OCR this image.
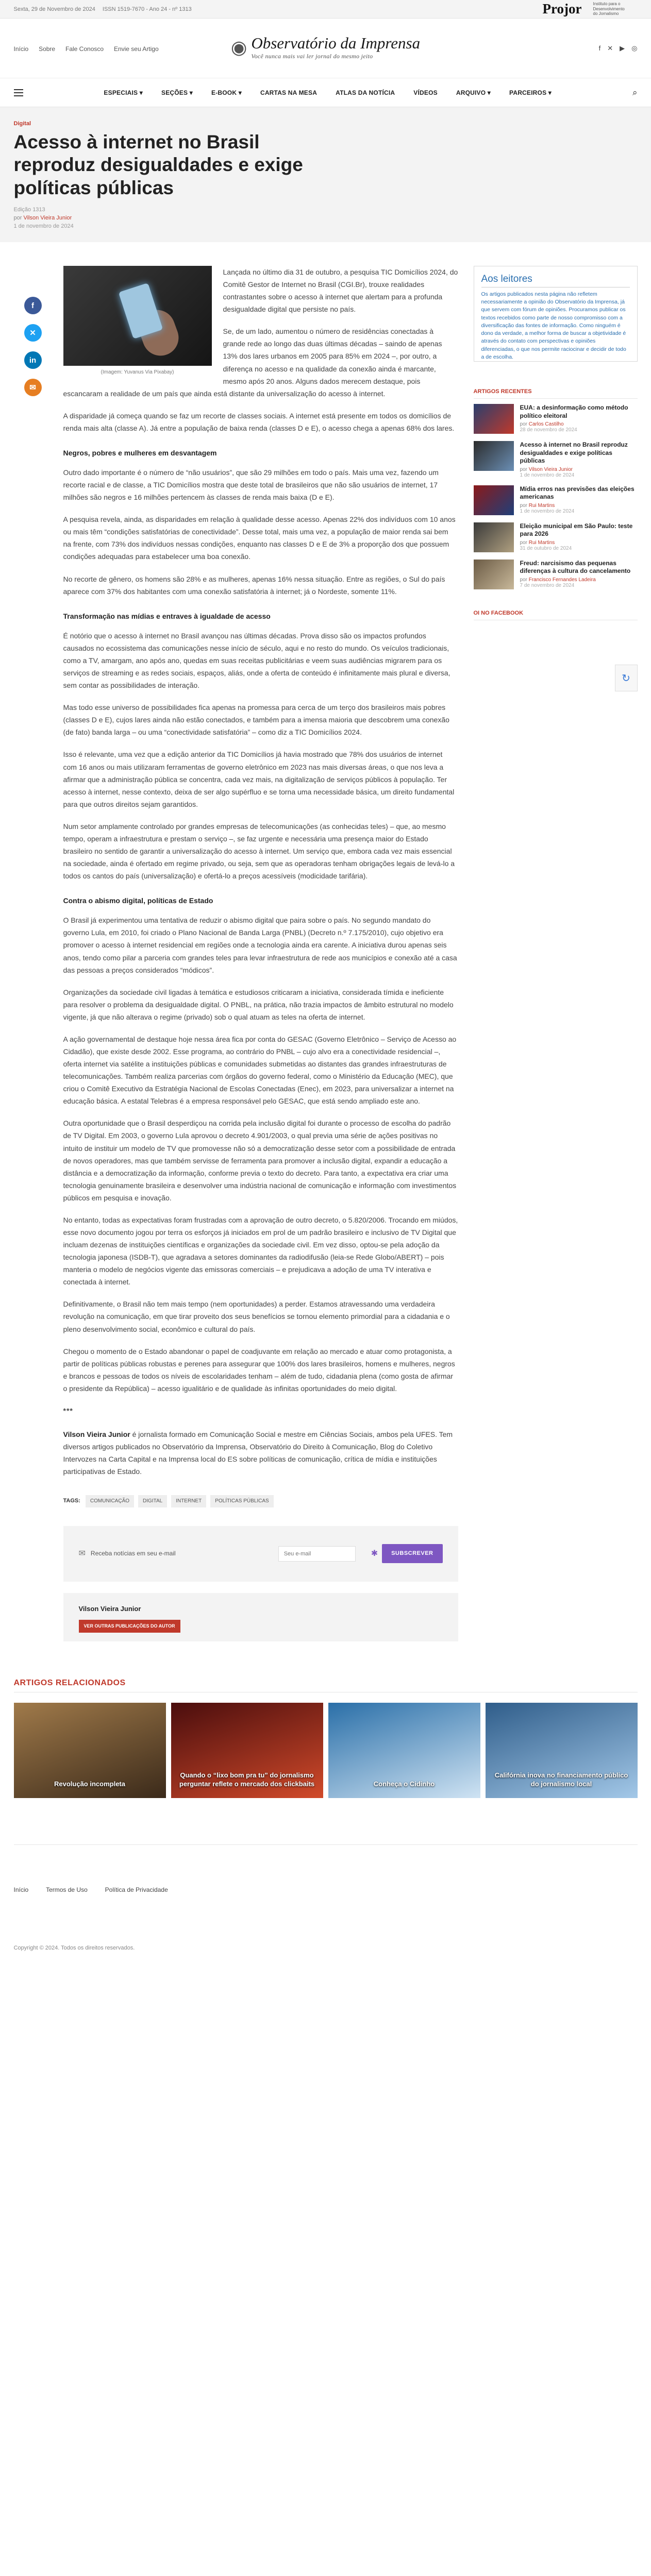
Sexta, 29 de Novembro de 2024 ISSN 1519-7670 - Ano 24 - nº 1313	Projor	Instituto para o Desenvolvimento do Jornalismo
Início Sobre Fale Conosco Envie seu Artigo	◉ Observatório da Imprensa
Você nunca mais vai ler jornal do mesmo jeito
f ✕ ▶ ◎
ESPECIAIS ▾	SEÇÕES ▾	E-BOOK ▾	CARTAS NA MESA	ATLAS DA NOTÍCIA	VÍDEOS	ARQUIVO ▾	PARCEIROS ▾	⌕
Digital
Acesso à internet no Brasil reproduz desigualdades e exige políticas públicas
Edição 1313
por Vilson Vieira Junior
1 de novembro de 2024
f
✕
in
✉
(Imagem: Yuvanus Via Pixabay)

Lançada no último dia 31 de outubro, a pesquisa TIC Domicílios 2024, do Comitê Gestor de Internet no Brasil (CGI.Br), trouxe realidades contrastantes sobre o acesso à internet que alertam para a profunda desigualdade digital que persiste no país.

Se, de um lado, aumentou o número de residências conectadas à grande rede ao longo das duas últimas décadas – saindo de apenas 13% dos lares urbanos em 2005 para 85% em 2024 –, por outro, a diferença no acesso e na qualidade da conexão ainda é marcante, mesmo após 20 anos. Alguns dados merecem destaque, pois escancaram a realidade de um país que ainda está distante da universalização do acesso à internet.

A disparidade já começa quando se faz um recorte de classes sociais. A internet está presente em todos os domicílios de renda mais alta (classe A). Já entre a população de baixa renda (classes D e E), o acesso chega a apenas 68% dos lares.

Negros, pobres e mulheres em desvantagem

Outro dado importante é o número de “não usuários”, que são 29 milhões em todo o país. Mais uma vez, fazendo um recorte racial e de classe, a TIC Domicílios mostra que deste total de brasileiros que não são usuários de internet, 17 milhões são negros e 16 milhões pertencem às classes de renda mais baixa (D e E).

A pesquisa revela, ainda, as disparidades em relação à qualidade desse acesso. Apenas 22% dos indivíduos com 10 anos ou mais têm “condições satisfatórias de conectividade”. Desse total, mais uma vez, a população de maior renda sai bem na frente, com 73% dos indivíduos nessas condições, enquanto nas classes D e E de 3% a proporção dos que possuem condições adequadas para estabelecer uma boa conexão.

No recorte de gênero, os homens são 28% e as mulheres, apenas 16% nessa situação. Entre as regiões, o Sul do país aparece com 37% dos habitantes com uma conexão satisfatória à internet; já o Nordeste, somente 11%.

Transformação nas mídias e entraves à igualdade de acesso

É notório que o acesso à internet no Brasil avançou nas últimas décadas. Prova disso são os impactos profundos causados no ecossistema das comunicações nesse início de século, aqui e no resto do mundo. Os veículos tradicionais, como a TV, amargam, ano após ano, quedas em suas receitas publicitárias e veem suas audiências migrarem para os serviços de streaming e as redes sociais, espaços, aliás, onde a oferta de conteúdo é infinitamente mais plural e diversa, sem contar as possibilidades de interação.

Mas todo esse universo de possibilidades fica apenas na promessa para cerca de um terço dos brasileiros mais pobres (classes D e E), cujos lares ainda não estão conectados, e também para a imensa maioria que descobrem uma conexão (de fato) banda larga – ou uma “conectividade satisfatória” – como diz a TIC Domicílios 2024.

Isso é relevante, uma vez que a edição anterior da TIC Domicílios já havia mostrado que 78% dos usuários de internet com 16 anos ou mais utilizaram ferramentas de governo eletrônico em 2023 nas mais diversas áreas, o que nos leva a afirmar que a administração pública se concentra, cada vez mais, na digitalização de serviços públicos à população. Ter acesso à internet, nesse contexto, deixa de ser algo supérfluo e se torna uma necessidade básica, um direito fundamental para que outros direitos sejam garantidos.

Num setor amplamente controlado por grandes empresas de telecomunicações (as conhecidas teles) – que, ao mesmo tempo, operam a infraestrutura e prestam o serviço –, se faz urgente e necessária uma presença maior do Estado brasileiro no sentido de garantir a universalização do acesso à internet. Um serviço que, embora cada vez mais essencial na sociedade, ainda é ofertado em regime privado, ou seja, sem que as operadoras tenham obrigações legais de levá-lo a todos os cantos do país (universalização) e ofertá-lo a preços acessíveis (modicidade tarifária).

Contra o abismo digital, políticas de Estado

O Brasil já experimentou uma tentativa de reduzir o abismo digital que paira sobre o país. No segundo mandato do governo Lula, em 2010, foi criado o Plano Nacional de Banda Larga (PNBL) (Decreto n.º 7.175/2010), cujo objetivo era promover o acesso à internet residencial em regiões onde a tecnologia ainda era carente. A iniciativa durou apenas seis anos, tendo como pilar a parceria com grandes teles para levar infraestrutura de rede aos municípios e conexão até a casa das pessoas a preços considerados “módicos”.

Organizações da sociedade civil ligadas à temática e estudiosos criticaram a iniciativa, considerada tímida e ineficiente para resolver o problema da desigualdade digital. O PNBL, na prática, não trazia impactos de âmbito estrutural no modelo vigente, já que não alterava o regime (privado) sob o qual atuam as teles na oferta de internet.

A ação governamental de destaque hoje nessa área fica por conta do GESAC (Governo Eletrônico – Serviço de Acesso ao Cidadão), que existe desde 2002. Esse programa, ao contrário do PNBL – cujo alvo era a conectividade residencial –, oferta internet via satélite a instituições públicas e comunidades submetidas ao distantes das grandes infraestruturas de telecomunicações. Também realiza parcerias com órgãos do governo federal, como o Ministério da Educação (MEC), que criou o Comitê Executivo da Estratégia Nacional de Escolas Conectadas (Enec), em 2023, para universalizar a internet na educação básica. A estatal Telebras é a empresa responsável pelo GESAC, que está sendo ampliado este ano.

Outra oportunidade que o Brasil desperdiçou na corrida pela inclusão digital foi durante o processo de escolha do padrão de TV Digital. Em 2003, o governo Lula aprovou o decreto 4.901/2003, o qual previa uma série de ações positivas no intuito de instituir um modelo de TV que promovesse não só a democratização desse setor com a possibilidade de entrada de novos operadores, mas que também servisse de ferramenta para promover a inclusão digital, expandir a educação a distância e a democratização da informação, conforme previa o texto do decreto. Para tanto, a expectativa era criar uma tecnologia genuinamente brasileira e desenvolver uma indústria nacional de comunicação e informação com investimentos públicos em pesquisa e inovação.

No entanto, todas as expectativas foram frustradas com a aprovação de outro decreto, o 5.820/2006. Trocando em miúdos, esse novo documento jogou por terra os esforços já iniciados em prol de um padrão brasileiro e inclusivo de TV Digital que incluam dezenas de instituições científicas e organizações da sociedade civil. Em vez disso, optou-se pela adoção da tecnologia japonesa (ISDB-T), que agradava a setores dominantes da radiodifusão (leia-se Rede Globo/ABERT) – pois manteria o modelo de negócios vigente das emissoras comerciais – e prejudicava a adoção de uma TV interativa e conectada à internet.

Definitivamente, o Brasil não tem mais tempo (nem oportunidades) a perder. Estamos atravessando uma verdadeira revolução na comunicação, em que tirar proveito dos seus benefícios se tornou elemento primordial para a cidadania e o pleno desenvolvimento social, econômico e cultural do país.

Chegou o momento de o Estado abandonar o papel de coadjuvante em relação ao mercado e atuar como protagonista, a partir de políticas públicas robustas e perenes para assegurar que 100% dos lares brasileiros, homens e mulheres, negros e brancos e pessoas de todos os níveis de escolaridades tenham – além de tudo, cidadania plena (como gosta de afirmar o presidente da República) – acesso igualitário e de qualidade às infinitas oportunidades do meio digital.

***

Vilson Vieira Junior é jornalista formado em Comunicação Social e mestre em Ciências Sociais, ambos pela UFES. Tem diversos artigos publicados no Observatório da Imprensa, Observatório do Direito à Comunicação, Blog do Coletivo Intervozes na Carta Capital e na Imprensa local do ES sobre políticas de comunicação, crítica de mídia e instituições participativas de Estado.

TAGS:	COMUNICAÇÃO	DIGITAL	INTERNET	POLÍTICAS PÚBLICAS
✉ Receba notícias em seu e-mail
Seu e-mail	✱	SUBSCREVER
Vilson Vieira Junior
VER OUTRAS PUBLICAÇÕES DO AUTOR
Aos leitores

Os artigos publicados nesta página não refletem necessariamente a opinião do Observatório da Imprensa, já que servem com fórum de opiniões. Procuramos publicar os textos recebidos como parte de nosso compromisso com a diversificação das fontes de informação. Como ninguém é dono da verdade, a melhor forma de buscar a objetividade é através do contato com perspectivas e opiniões diferenciadas, o que nos permite raciocinar e decidir de todo a de escolha.

ARTIGOS RECENTES
EUA: a desinformação como método político eleitoral
por Carlos Castilho
28 de novembro de 2024
Acesso à internet no Brasil reproduz desigualdades e exige políticas públicas
por Vilson Vieira Junior
1 de novembro de 2024
Mídia erros nas previsões das eleições americanas
por Rui Martins
1 de novembro de 2024
Eleição municipal em São Paulo: teste para 2026
por Rui Martins
31 de outubro de 2024
Freud: narcisismo das pequenas diferenças à cultura do cancelamento
por Francisco Fernandes Ladeira
7 de novembro de 2024
OI NO FACEBOOK
↻
ARTIGOS RELACIONADOS
Revolução incompleta
Quando o “lixo bom pra tu” do jornalismo perguntar reflete o mercado dos clickbaits	Conheça o Cidinho
Califórnia inova no financiamento público do jornalismo local
Início	Termos de Uso	Política de Privacidade
Copyright © 2024. Todos os direitos reservados.
